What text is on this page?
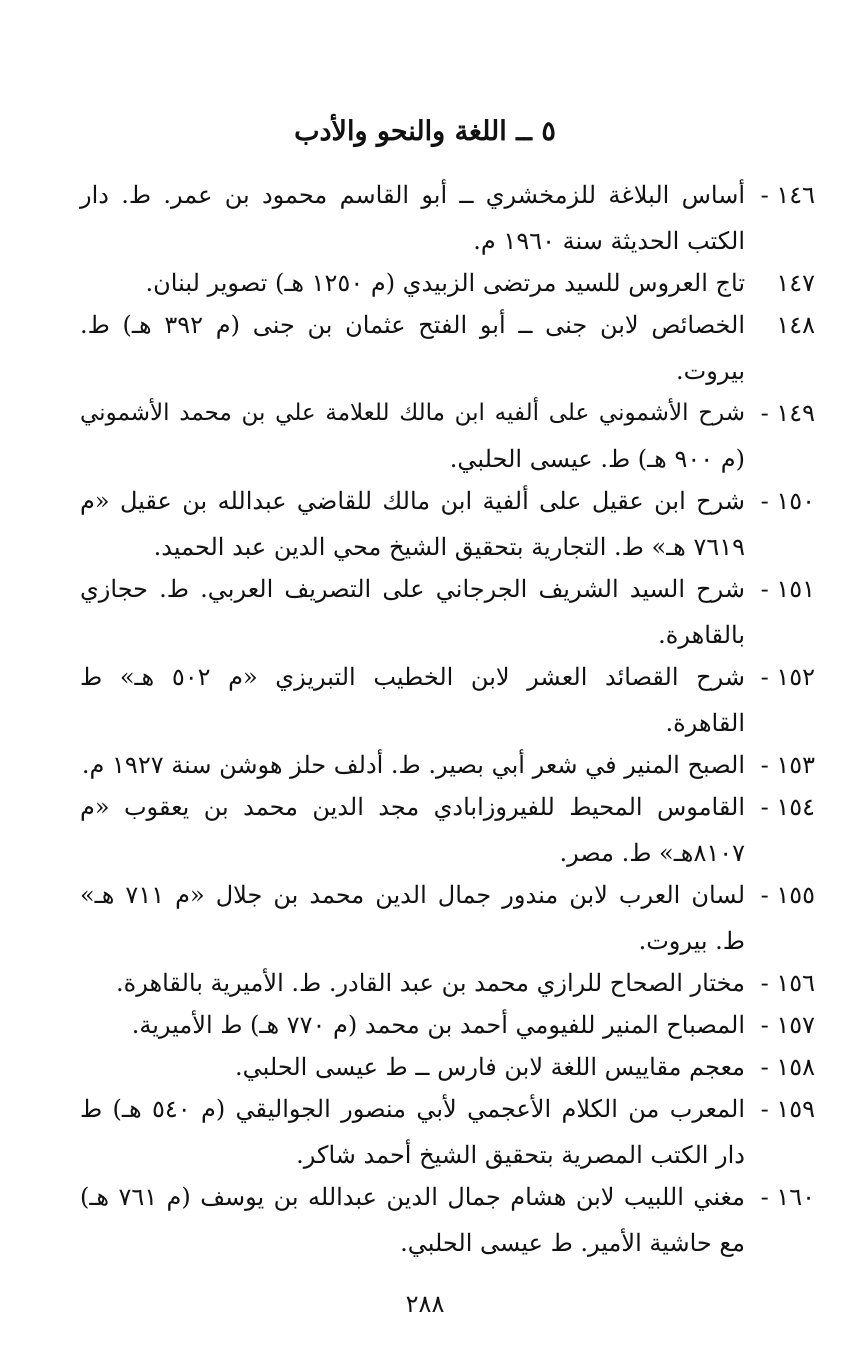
٥ ــ اللغة والنحو والأدب
١٤٦ -
أساس البلاغة للزمخشري ــ أبو القاسم محمود بن عمر. ط. دار
الكتب الحديثة سنة ١٩٦٠ م.
١٤٧
تاج العروس للسيد مرتضى الزبيدي (م ١٢٥٠ هـ) تصوير لبنان.
١٤٨
الخصائص لابن جنى ــ أبو الفتح عثمان بن جنى (م ٣٩٢ هـ) ط.
بيروت.
١٤٩ -
شرح الأشموني على ألفيه ابن مالك للعلامة علي بن محمد الأشموني
(م ٩٠٠ هـ) ط. عيسى الحلبي.
١٥٠ -
شرح ابن عقيل على ألفية ابن مالك للقاضي عبدالله بن عقيل «م
٧٦١٩ هـ» ط. التجارية بتحقيق الشيخ محي الدين عبد الحميد.
١٥١ -
شرح السيد الشريف الجرجاني على التصريف العربي. ط. حجازي
بالقاهرة.
١٥٢ -
شرح القصائد العشر لابن الخطيب التبريزي «م ٥٠٢ هـ» ط
القاهرة.
١٥٣ -
الصبح المنير في شعر أبي بصير. ط. أدلف حلز هوشن سنة ١٩٢٧ م.
١٥٤ -
القاموس المحيط للفيروزابادي مجد الدين محمد بن يعقوب «م
٨١٠٧هـ» ط. مصر.
١٥٥ -
لسان العرب لابن مندور جمال الدين محمد بن جلال «م ٧١١ هـ»
ط. بيروت.
١٥٦ -
مختار الصحاح للرازي محمد بن عبد القادر. ط. الأميرية بالقاهرة.
١٥٧ -
المصباح المنير للفيومي أحمد بن محمد (م ٧٧٠ هـ) ط الأميرية.
١٥٨ -
معجم مقاييس اللغة لابن فارس ــ ط عيسى الحلبي.
١٥٩ -
المعرب من الكلام الأعجمي لأبي منصور الجواليقي (م ٥٤٠ هـ) ط
دار الكتب المصرية بتحقيق الشيخ أحمد شاكر.
١٦٠ -
مغني اللبيب لابن هشام جمال الدين عبدالله بن يوسف (م ٧٦١ هـ)
مع حاشية الأمير. ط عيسى الحلبي.
٢٨٨
